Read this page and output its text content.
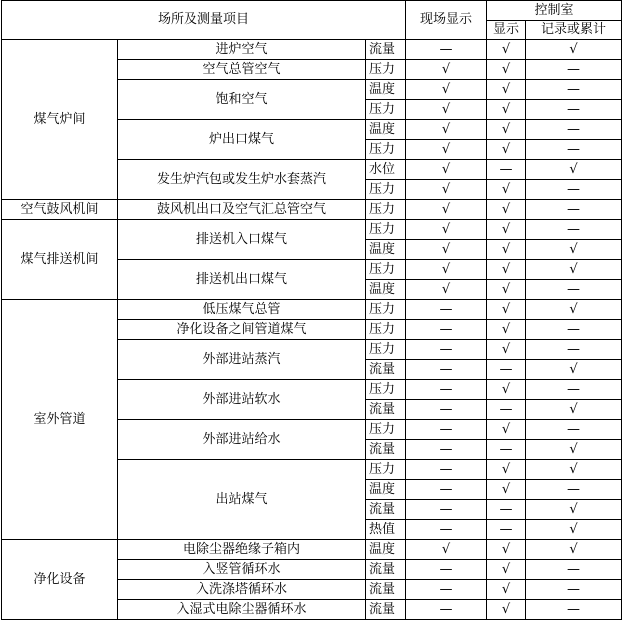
场所及测量项目			现场显示	控制室	
				显示	记录或累计
煤气炉间	进炉空气	流量	—	√	√
	空气总管空气	压力	√	√	—
	饱和空气	温度	√	√	—
		压力	√	√	—
	炉出口煤气	温度	√	√	—
		压力	√	√	—
	发生炉汽包或发生炉水套蒸汽	水位	√	—	√
		压力	√	√	—
空气鼓风机间	鼓风机出口及空气汇总管空气	压力	√	√	—
煤气排送机间	排送机入口煤气	压力	√	√	—
		温度	√	√	√
	排送机出口煤气	压力	√	√	√
		温度	√	√	—
室外管道	低压煤气总管	压力	—	√	√
	净化设备之间管道煤气	压力	—	√	—
	外部进站蒸汽	压力	—	√	—
		流量	—	—	√
	外部进站软水	压力	—	√	—
		流量	—	—	√
	外部进站给水	压力	—	√	—
		流量	—	—	√
	出站煤气	压力	—	√	√
		温度	—	√	—
		流量	—	—	√
		热值	—	—	√
净化设备	电除尘器绝缘子箱内	温度	√	√	√
	入竖管循环水	流量	—	√	—
	入洗涤塔循环水	流量	—	√	—
	入湿式电除尘器循环水	流量	—	√	—
